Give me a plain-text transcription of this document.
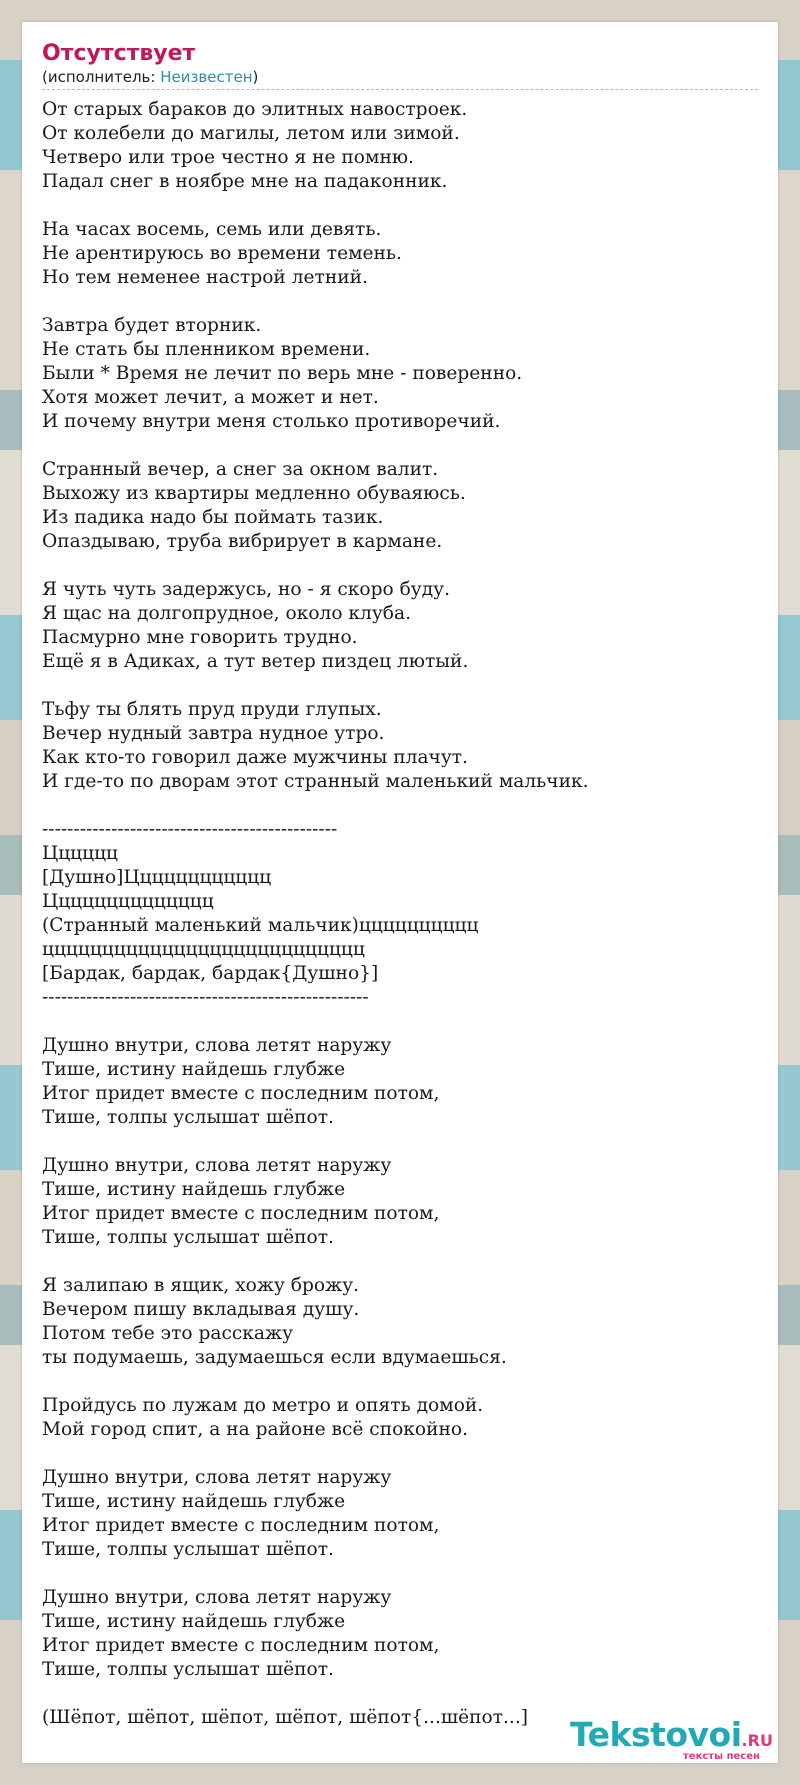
Отсутствует
(исполнитель: Неизвестен)
От старых бараков до элитных навостроек.
От колебели до магилы, летом или зимой.
Четверо или трое честно я не помню.
Падал снег в ноябре мне на падаконник.
На часах восемь, семь или девять.
Не арентируюсь во времени темень.
Но тем неменее настрой летний.
Завтра будет вторник.
Не стать бы пленником времени.
Были * Время не лечит по верь мне - поверенно.
Хотя может лечит, а может и нет.
И почему внутри меня столько противоречий.
Странный вечер, а снег за окном валит.
Выхожу из квартиры медленно обуваяюсь.
Из падика надо бы поймать тазик.
Опаздываю, труба вибрирует в кармане.
Я чуть чуть задержусь, но - я скоро буду.
Я щас на долгопрудное, около клуба.
Пасмурно мне говорить трудно.
Ещё я в Адиках, а тут ветер пиздец лютый.
Тьфу ты блять пруд пруди глупых.
Вечер нудный завтра нудное утро.
Как кто-то говорил даже мужчины плачут.
И где-то по дворам этот странный маленький мальчик.
-----------------------------------------------
Цццццц
[Душно]Цццццццццццц
Цццццццццццццц
(Странный маленький мальчик)цццццццццц
ццццццццццццццццццццццццццц
[Бардак, бардак, бардак{Душно}]
----------------------------------------------------
Душно внутри, слова летят наружу
Тише, истину найдешь глубже
Итог придет вместе с последним потом,
Тише, толпы услышат шёпот.
Душно внутри, слова летят наружу
Тише, истину найдешь глубже
Итог придет вместе с последним потом,
Тише, толпы услышат шёпот.
Я залипаю в ящик, хожу брожу.
Вечером пишу вкладывая душу.
Потом тебе это расскажу
ты подумаешь, задумаешься если вдумаешься.
Пройдусь по лужам до метро и опять домой.
Мой город спит, а на районе всё спокойно.
Душно внутри, слова летят наружу
Тише, истину найдешь глубже
Итог придет вместе с последним потом,
Тише, толпы услышат шёпот.
Душно внутри, слова летят наружу
Тише, истину найдешь глубже
Итог придет вместе с последним потом,
Тише, толпы услышат шёпот.
(Шёпот, шёпот, шёпот, шёпот, шёпот{...шёпот...]	Tekstovoi.RU
тексты песен
